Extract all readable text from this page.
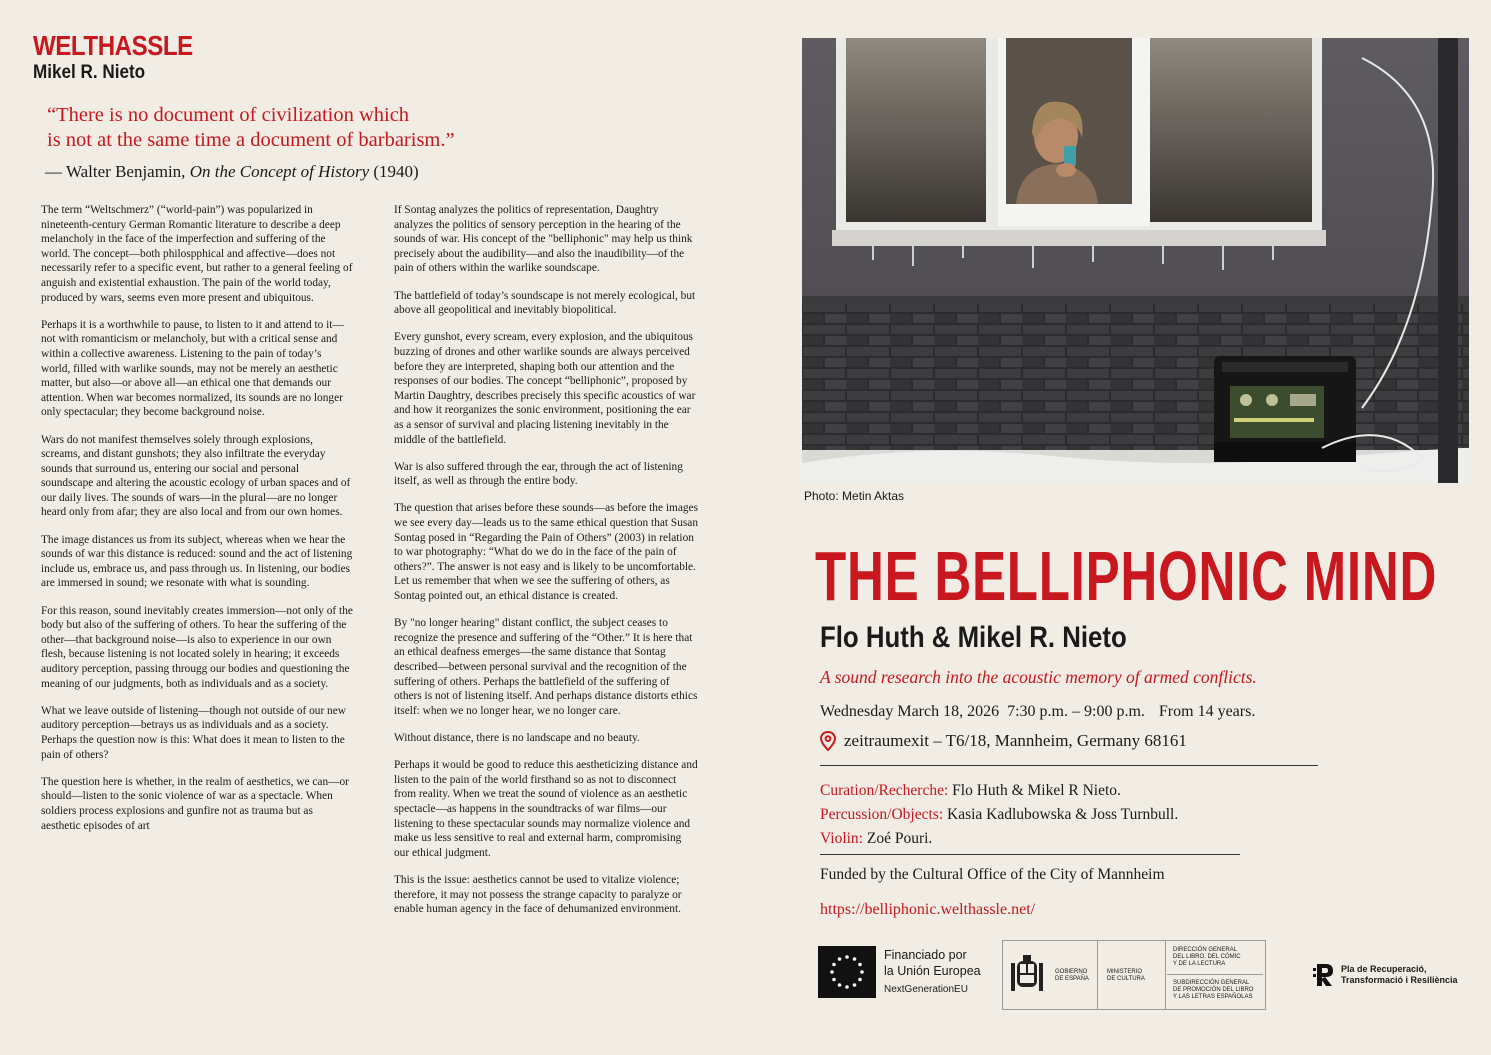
WELTHASSLE
Mikel R. Nieto
“There is no document of civilization which
is not at the same time a document of barbarism.”
— Walter Benjamin, On the Concept of History (1940)

The term “Weltschmerz” (“world-pain”) was popularized in nineteenth-century German Romantic literature to describe a deep melancholy in the face of the imperfection and suffering of the world. The concept—both philospphical and affective—does not necessarily refer to a specific event, but rather to a general feeling of anguish and existential exhaustion. The pain of the world today, produced by wars, seems even more present and ubiquitous.

Perhaps it is a worthwhile to pause, to listen to it and attend to it—not with romanticism or melancholy, but with a critical sense and within a collective awareness. Listening to the pain of today’s world, filled with warlike sounds, may not be merely an aesthetic matter, but also—or above all—an ethical one that demands our attention. When war becomes normalized, its sounds are no longer only spectacular; they become background noise.

Wars do not manifest themselves solely through explosions, screams, and distant gunshots; they also infiltrate the everyday sounds that surround us, entering our social and personal soundscape and altering the acoustic ecology of urban spaces and of our daily lives. The sounds of wars—in the plural—are no longer heard only from afar; they are also local and from our own homes.

The image distances us from its subject, whereas when we hear the sounds of war this distance is reduced: sound and the act of listening include us, embrace us, and pass through us. In listening, our bodies are immersed in sound; we resonate with what is sounding.

For this reason, sound inevitably creates immersion—not only of the body but also of the suffering of others. To hear the suffering of the other—that background noise—is also to experience in our own flesh, because listening is not located solely in hearing; it exceeds auditory perception, passing througg our bodies and questioning the meaning of our judgments, both as individuals and as a society.

What we leave outside of listening—though not outside of our new auditory perception—betrays us as individuals and as a society. Perhaps the question now is this: What does it mean to listen to the pain of others?

The question here is whether, in the realm of aesthetics, we can—or should—listen to the sonic violence of war as a spectacle. When soldiers process explosions and gunfire not as trauma but as aesthetic episodes of art

If Sontag analyzes the politics of representation, Daughtry analyzes the politics of sensory perception in the hearing of the sounds of war. His concept of the "belliphonic" may help us think precisely about the audibility—and also the inaudibility—of the pain of others within the warlike soundscape.

The battlefield of today’s soundscape is not merely ecological, but above all geopolitical and inevitably biopolitical.

Every gunshot, every scream, every explosion, and the ubiquitous buzzing of drones and other warlike sounds are always perceived before they are interpreted, shaping both our attention and the responses of our bodies. The concept “belliphonic”, proposed by Martin Daughtry, describes precisely this specific acoustics of war and how it reorganizes the sonic environment, positioning the ear as a sensor of survival and placing listening inevitably in the middle of the battlefield.

War is also suffered through the ear, through the act of listening itself, as well as through the entire body.

The question that arises before these sounds—as before the images we see every day—leads us to the same ethical question that Susan Sontag posed in “Regarding the Pain of Others” (2003) in relation to war photography: “What do we do in the face of the pain of others?”. The answer is not easy and is likely to be uncomfortable. Let us remember that when we see the suffering of others, as Sontag pointed out, an ethical distance is created.

By "no longer hearing" distant conflict, the subject ceases to recognize the presence and suffering of the “Other.” It is here that an ethical deafness emerges—the same distance that Sontag described—between personal survival and the recognition of the suffering of others. Perhaps the battlefield of the suffering of others is not of listening itself. And perhaps distance distorts ethics itself: when we no longer hear, we no longer care.

Without distance, there is no landscape and no beauty.

Perhaps it would be good to reduce this aestheticizing distance and listen to the pain of the world firsthand so as not to disconnect from reality. When we treat the sound of violence as an aesthetic spectacle—as happens in the soundtracks of war films—our listening to these spectacular sounds may normalize violence and make us less sensitive to real and external harm, compromising our ethical judgment.

This is the issue: aesthetics cannot be used to vitalize violence; therefore, it may not possess the strange capacity to paralyze or enable human agency in the face of dehumanized environment.

Photo: Metin Aktas
THE BELLIPHONIC MIND
Flo Huth & Mikel R. Nieto
A sound research into the acoustic memory of armed conflicts.
Wednesday March 18, 2026  7:30 p.m. – 9:00 p.m. From 14 years.
zeitraumexit – T6/18, Mannheim, Germany 68161
Curation/Recherche: Flo Huth & Mikel R Nieto.
Percussion/Objects: Kasia Kadlubowska & Joss Turnbull.
Violin: Zoé Pouri.
Funded by the Cultural Office of the City of Mannheim
https://belliphonic.welthassle.net/
Financiado por
la Unión Europea
NextGenerationEU
GOBIERNO
DE ESPAÑA
MINISTERIO
DE CULTURA
DIRECCIÓN GENERAL
DEL LIBRO, DEL CÓMIC
Y DE LA LECTURA
SUBDIRECCIÓN GENERAL
DE PROMOCIÓN DEL LIBRO
Y LAS LETRAS ESPAÑOLAS
Pla de Recuperació,
Transformació i Resiliència
